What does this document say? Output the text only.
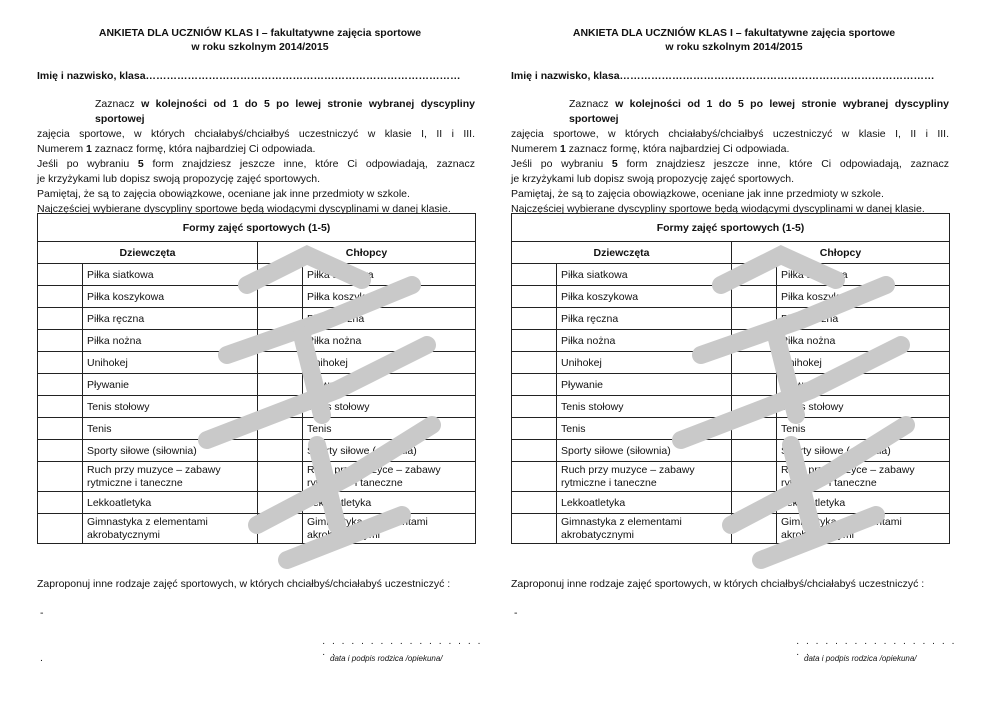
ANKIETA DLA UCZNIÓW KLAS I – fakultatywne zajęcia sportowe
w roku szkolnym 2014/2015
Imię i nazwisko, klasa………………………………………………………………………………

Zaznacz w kolejności od 1 do 5 po lewej stronie wybranej dyscypliny sportowej

zajęcia sportowe, w których chciałabyś/chciałbyś uczestniczyć w klasie I, II i III.

Numerem 1 zaznacz formę, która najbardziej Ci odpowiada.

Jeśli po wybraniu 5 form znajdziesz jeszcze inne, które Ci odpowiadają, zaznacz

je krzyżykami lub dopisz swoją propozycję zajęć sportowych.

Pamiętaj, że są to zajęcia obowiązkowe, oceniane jak inne przedmioty w szkole.

Najczęściej wybierane dyscypliny sportowe będą wiodącymi dyscyplinami w danej klasie.

Formy zajęć sportowych (1-5)			
Dziewczęta		Chłopcy	
	Piłka siatkowa		Piłka siatkowa
	Piłka koszykowa		Piłka koszykowa
	Piłka ręczna		Piłka ręczna
	Piłka nożna		Piłka nożna
	Unihokej		Unihokej
	Pływanie		Pływanie
	Tenis stołowy		Tenis stołowy
	Tenis		Tenis
	Sporty siłowe (siłownia)		Sporty siłowe (siłownia)
	Ruch przy muzyce – zabawy rytmiczne i taneczne		Ruch przy muzyce – zabawy rytmiczne i taneczne
	Lekkoatletyka		Lekkoatletyka
	Gimnastyka z elementami akrobatycznymi		Gimnastyka z elementami akrobatycznymi
Zaproponuj inne rodzaje zajęć sportowych, w których chciałbyś/chciałabyś uczestniczyć :
-
.
· · · · · · · · · · · · · · · · · · ·
data i podpis rodzica /opiekuna/
ANKIETA DLA UCZNIÓW KLAS I – fakultatywne zajęcia sportowe
w roku szkolnym 2014/2015
Imię i nazwisko, klasa………………………………………………………………………………

Zaznacz w kolejności od 1 do 5 po lewej stronie wybranej dyscypliny sportowej

zajęcia sportowe, w których chciałabyś/chciałbyś uczestniczyć w klasie I, II i III.

Numerem 1 zaznacz formę, która najbardziej Ci odpowiada.

Jeśli po wybraniu 5 form znajdziesz jeszcze inne, które Ci odpowiadają, zaznacz

je krzyżykami lub dopisz swoją propozycję zajęć sportowych.

Pamiętaj, że są to zajęcia obowiązkowe, oceniane jak inne przedmioty w szkole.

Najczęściej wybierane dyscypliny sportowe będą wiodącymi dyscyplinami w danej klasie.

Formy zajęć sportowych (1-5)			
Dziewczęta		Chłopcy	
	Piłka siatkowa		Piłka siatkowa
	Piłka koszykowa		Piłka koszykowa
	Piłka ręczna		Piłka ręczna
	Piłka nożna		Piłka nożna
	Unihokej		Unihokej
	Pływanie		Pływanie
	Tenis stołowy		Tenis stołowy
	Tenis		Tenis
	Sporty siłowe (siłownia)		Sporty siłowe (siłownia)
	Ruch przy muzyce – zabawy rytmiczne i taneczne		Ruch przy muzyce – zabawy rytmiczne i taneczne
	Lekkoatletyka		Lekkoatletyka
	Gimnastyka z elementami akrobatycznymi		Gimnastyka z elementami akrobatycznymi
Zaproponuj inne rodzaje zajęć sportowych, w których chciałbyś/chciałabyś uczestniczyć :
-
· · · · · · · · · · · · · · · · · · ·
data i podpis rodzica /opiekuna/
